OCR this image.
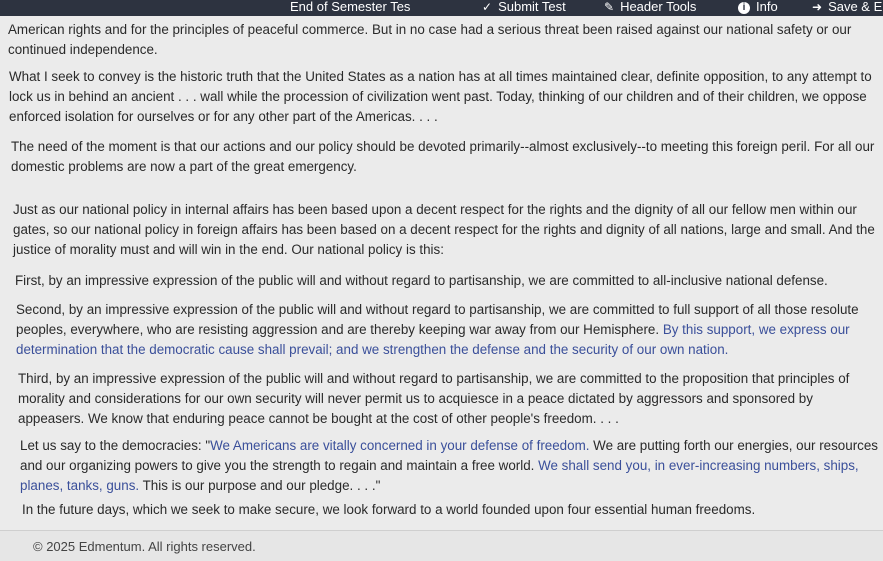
End of Semester Tes	✓ Submit Test	✎ Header Tools	i Info	➜ Save & E

American rights and for the principles of peaceful commerce. But in no case had a serious threat been raised against our national safety or our
continued independence.

What I seek to convey is the historic truth that the United States as a nation has at all times maintained clear, definite opposition, to any attempt to
lock us in behind an ancient . . . wall while the procession of civilization went past. Today, thinking of our children and of their children, we oppose
enforced isolation for ourselves or for any other part of the Americas. . . .

The need of the moment is that our actions and our policy should be devoted primarily--almost exclusively--to meeting this foreign peril. For all our
domestic problems are now a part of the great emergency.

Just as our national policy in internal affairs has been based upon a decent respect for the rights and the dignity of all our fellow men within our
gates, so our national policy in foreign affairs has been based on a decent respect for the rights and dignity of all nations, large and small. And the
justice of morality must and will win in the end. Our national policy is this:

First, by an impressive expression of the public will and without regard to partisanship, we are committed to all-inclusive national defense.

Second, by an impressive expression of the public will and without regard to partisanship, we are committed to full support of all those resolute
peoples, everywhere, who are resisting aggression and are thereby keeping war away from our Hemisphere. By this support, we express our
determination that the democratic cause shall prevail; and we strengthen the defense and the security of our own nation.

Third, by an impressive expression of the public will and without regard to partisanship, we are committed to the proposition that principles of
morality and considerations for our own security will never permit us to acquiesce in a peace dictated by aggressors and sponsored by
appeasers. We know that enduring peace cannot be bought at the cost of other people's freedom. . . .

Let us say to the democracies: "We Americans are vitally concerned in your defense of freedom. We are putting forth our energies, our resources
and our organizing powers to give you the strength to regain and maintain a free world. We shall send you, in ever-increasing numbers, ships,
planes, tanks, guns. This is our purpose and our pledge. . . ."

In the future days, which we seek to make secure, we look forward to a world founded upon four essential human freedoms.

© 2025 Edmentum. All rights reserved.
